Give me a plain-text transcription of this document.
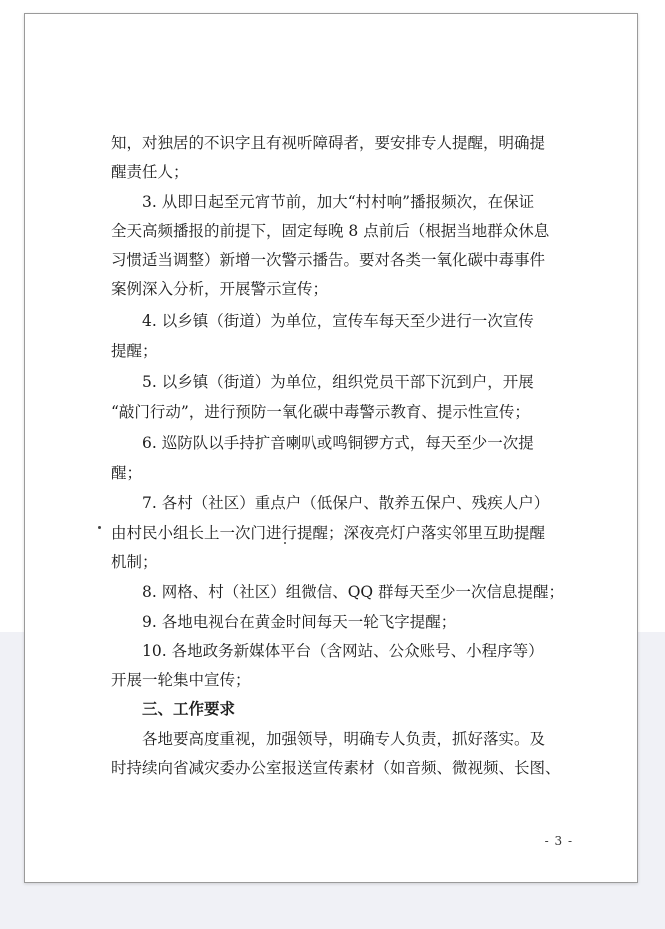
知，对独居的不识字且有视听障碍者，要安排专人提醒，明确提
醒责任人；
3. 从即日起至元宵节前，加大“村村响”播报频次，在保证
全天高频播报的前提下，固定每晚 8 点前后（根据当地群众休息
习惯适当调整）新增一次警示播告。要对各类一氧化碳中毒事件
案例深入分析，开展警示宣传；
4. 以乡镇（街道）为单位，宣传车每天至少进行一次宣传
提醒；
5. 以乡镇（街道）为单位，组织党员干部下沉到户，开展
“敲门行动”，进行预防一氧化碳中毒警示教育、提示性宣传；
6. 巡防队以手持扩音喇叭或鸣铜锣方式，每天至少一次提
醒；
7. 各村（社区）重点户（低保户、散养五保户、残疾人户）
由村民小组长上一次门进行提醒；深夜亮灯户落实邻里互助提醒
机制；
8. 网格、村（社区）组微信、QQ 群每天至少一次信息提醒；
9. 各地电视台在黄金时间每天一轮飞字提醒；
10. 各地政务新媒体平台（含网站、公众账号、小程序等）
开展一轮集中宣传；
三、工作要求
各地要高度重视，加强领导，明确专人负责，抓好落实。及
时持续向省减灾委办公室报送宣传素材（如音频、微视频、长图、
- 3 -
